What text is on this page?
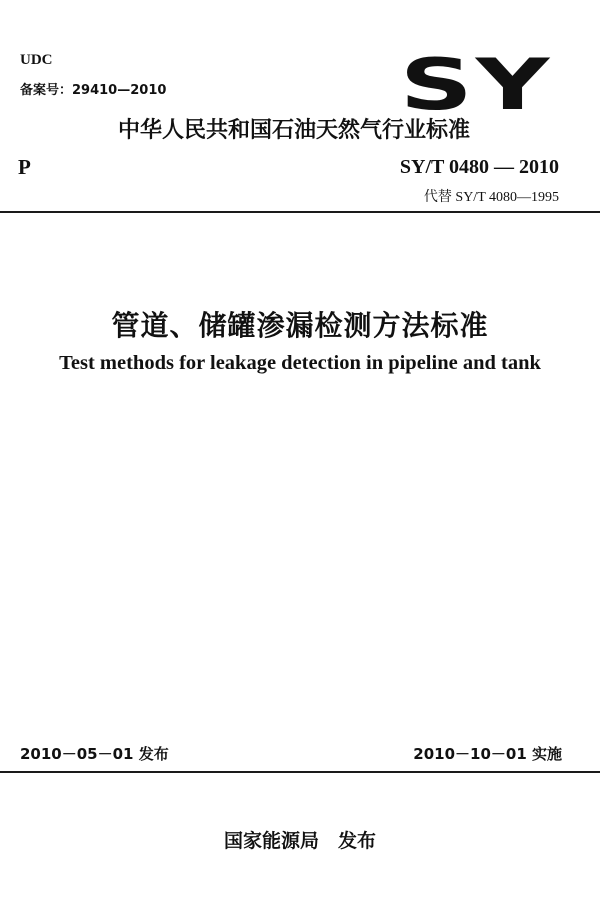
UDC
备案号：29410—2010	SY
中华人民共和国石油天然气行业标准
P	SY/T 0480 — 2010
代替 SY/T 4080—1995
管道、储罐渗漏检测方法标准
Test methods for leakage detection in pipeline and tank
2010－05－01 发布	2010－10－01 实施
国家能源局　发布
